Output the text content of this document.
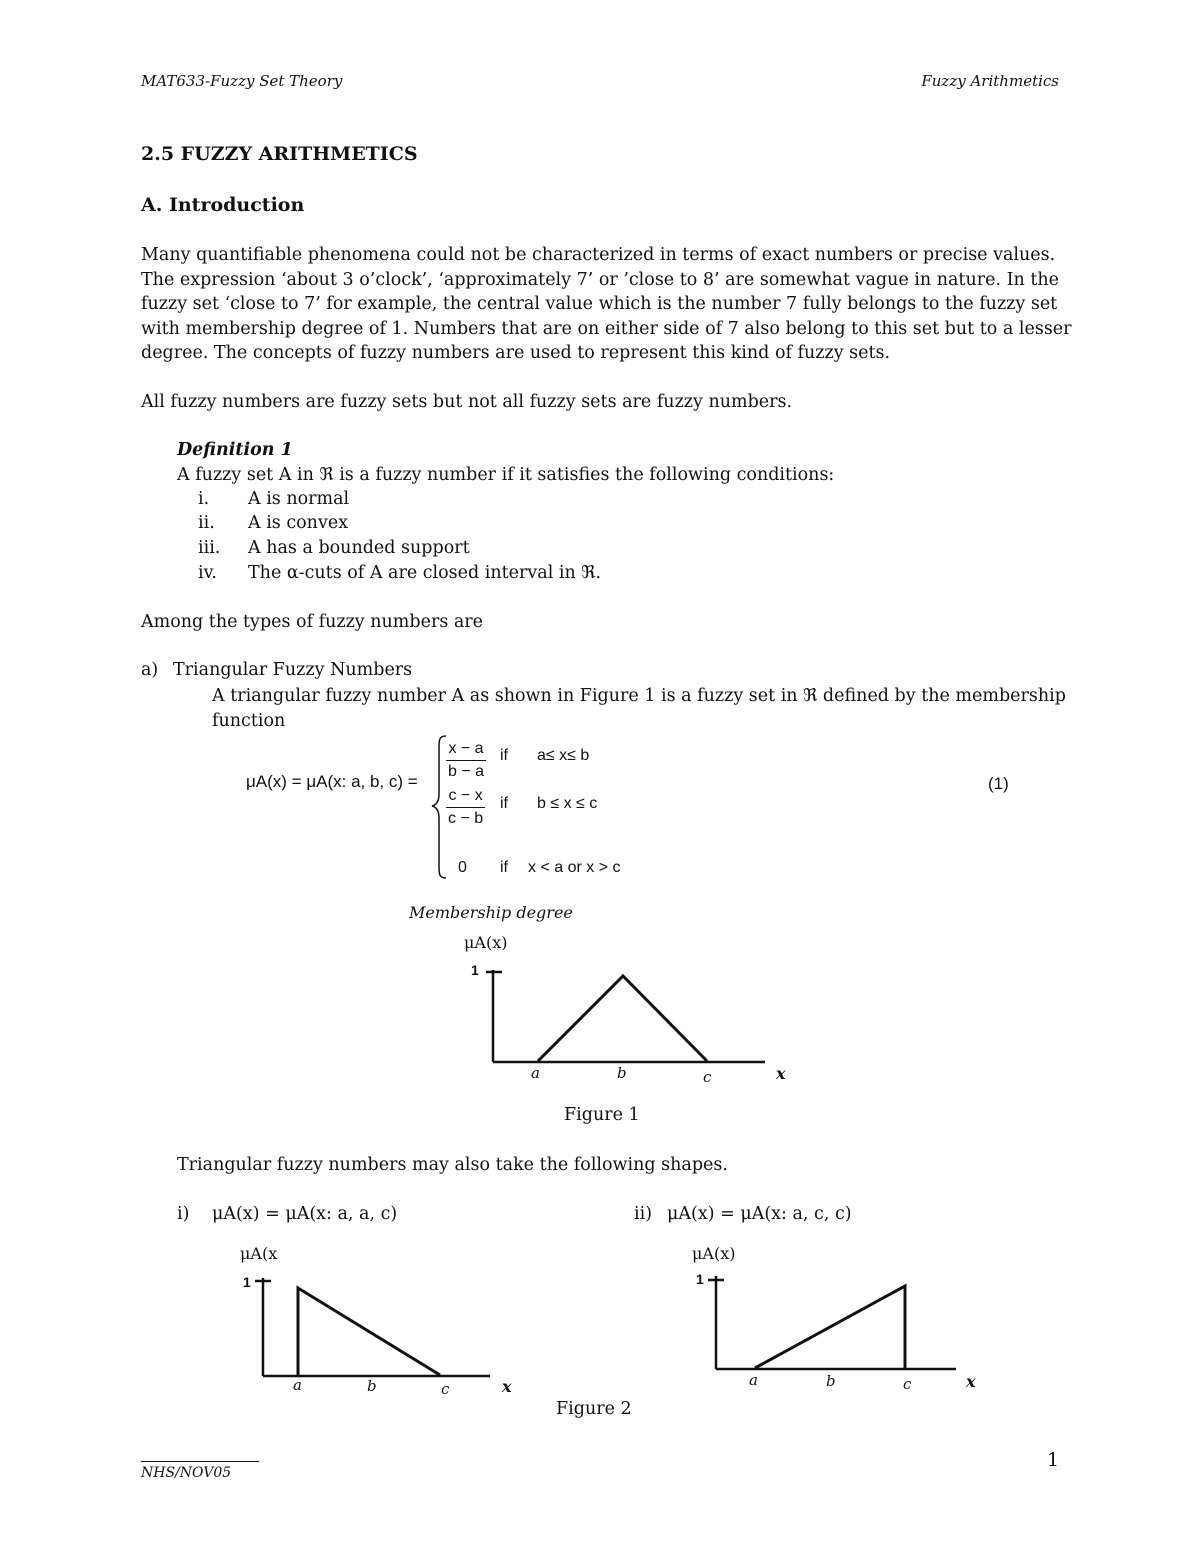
MAT633-Fuzzy Set Theory	Fuzzy Arithmetics
2.5 FUZZY ARITHMETICS
A. Introduction
Many quantifiable phenomena could not be characterized in terms of exact numbers or precise values.
The expression ‘about 3 o’clock’, ‘approximately 7’ or ’close to 8’ are somewhat vague in nature. In the
fuzzy set ‘close to 7’ for example, the central value which is the number 7 fully belongs to the fuzzy set
with membership degree of 1. Numbers that are on either side of 7 also belong to this set but to a lesser
degree. The concepts of fuzzy numbers are used to represent this kind of fuzzy sets.
All fuzzy numbers are fuzzy sets but not all fuzzy sets are fuzzy numbers.
Definition 1
A fuzzy set A in ℜ is a fuzzy number if it satisfies the following conditions:
i. A is normal
ii. A is convex
iii. A has a bounded support
iv. The α-cuts of A are closed interval in ℜ.
Among the types of fuzzy numbers are
a) Triangular Fuzzy Numbers
A triangular fuzzy number A as shown in Figure 1 is a fuzzy set in ℜ defined by the membership
function
μA(x) = μA(x: a, b, $c) = \frac{x - a}{b - a}$ if a≤ x≤ b
$\frac{c - x}{c - b}$ if b ≤ x ≤ c
0 if x < a or x > c
(1)
Membership degree
μA(x)
1
a	b	c	x
Figure 1
Triangular fuzzy numbers may also take the following shapes.
i) μA(x) = μA(x: a, a, c)	ii) μA(x) = μA(x: a, c, c)
μA(x
1
a	b	c	x
μA(x)
1
a	b	c	x
Figure 2
NHS/NOV05
1
